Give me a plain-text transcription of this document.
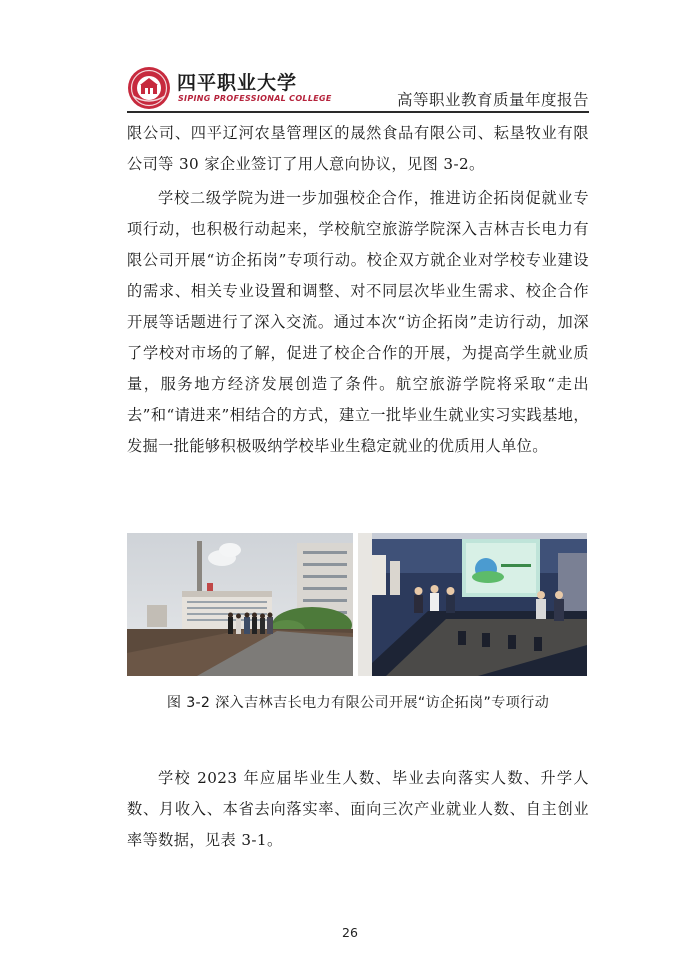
四平职业大学
SIPING PROFESSIONAL COLLEGE	高等职业教育质量年度报告

限公司、四平辽河农垦管理区的晟然食品有限公司、耘垦牧业有限公司等 30 家企业签订了用人意向协议，见图 3-2。

学校二级学院为进一步加强校企合作，推进访企拓岗促就业专项行动，也积极行动起来，学校航空旅游学院深入吉林吉长电力有限公司开展“访企拓岗”专项行动。校企双方就企业对学校专业建设的需求、相关专业设置和调整、对不同层次毕业生需求、校企合作开展等话题进行了深入交流。通过本次“访企拓岗”走访行动，加深了学校对市场的了解，促进了校企合作的开展，为提高学生就业质量，服务地方经济发展创造了条件。航空旅游学院将采取“走出去”和“请进来”相结合的方式，建立一批毕业生就业实习实践基地，发掘一批能够积极吸纳学校毕业生稳定就业的优质用人单位。

图 3-2 深入吉林吉长电力有限公司开展“访企拓岗”专项行动

学校 2023 年应届毕业生人数、毕业去向落实人数、升学人数、月收入、本省去向落实率、面向三次产业就业人数、自主创业率等数据，见表 3-1。

26
